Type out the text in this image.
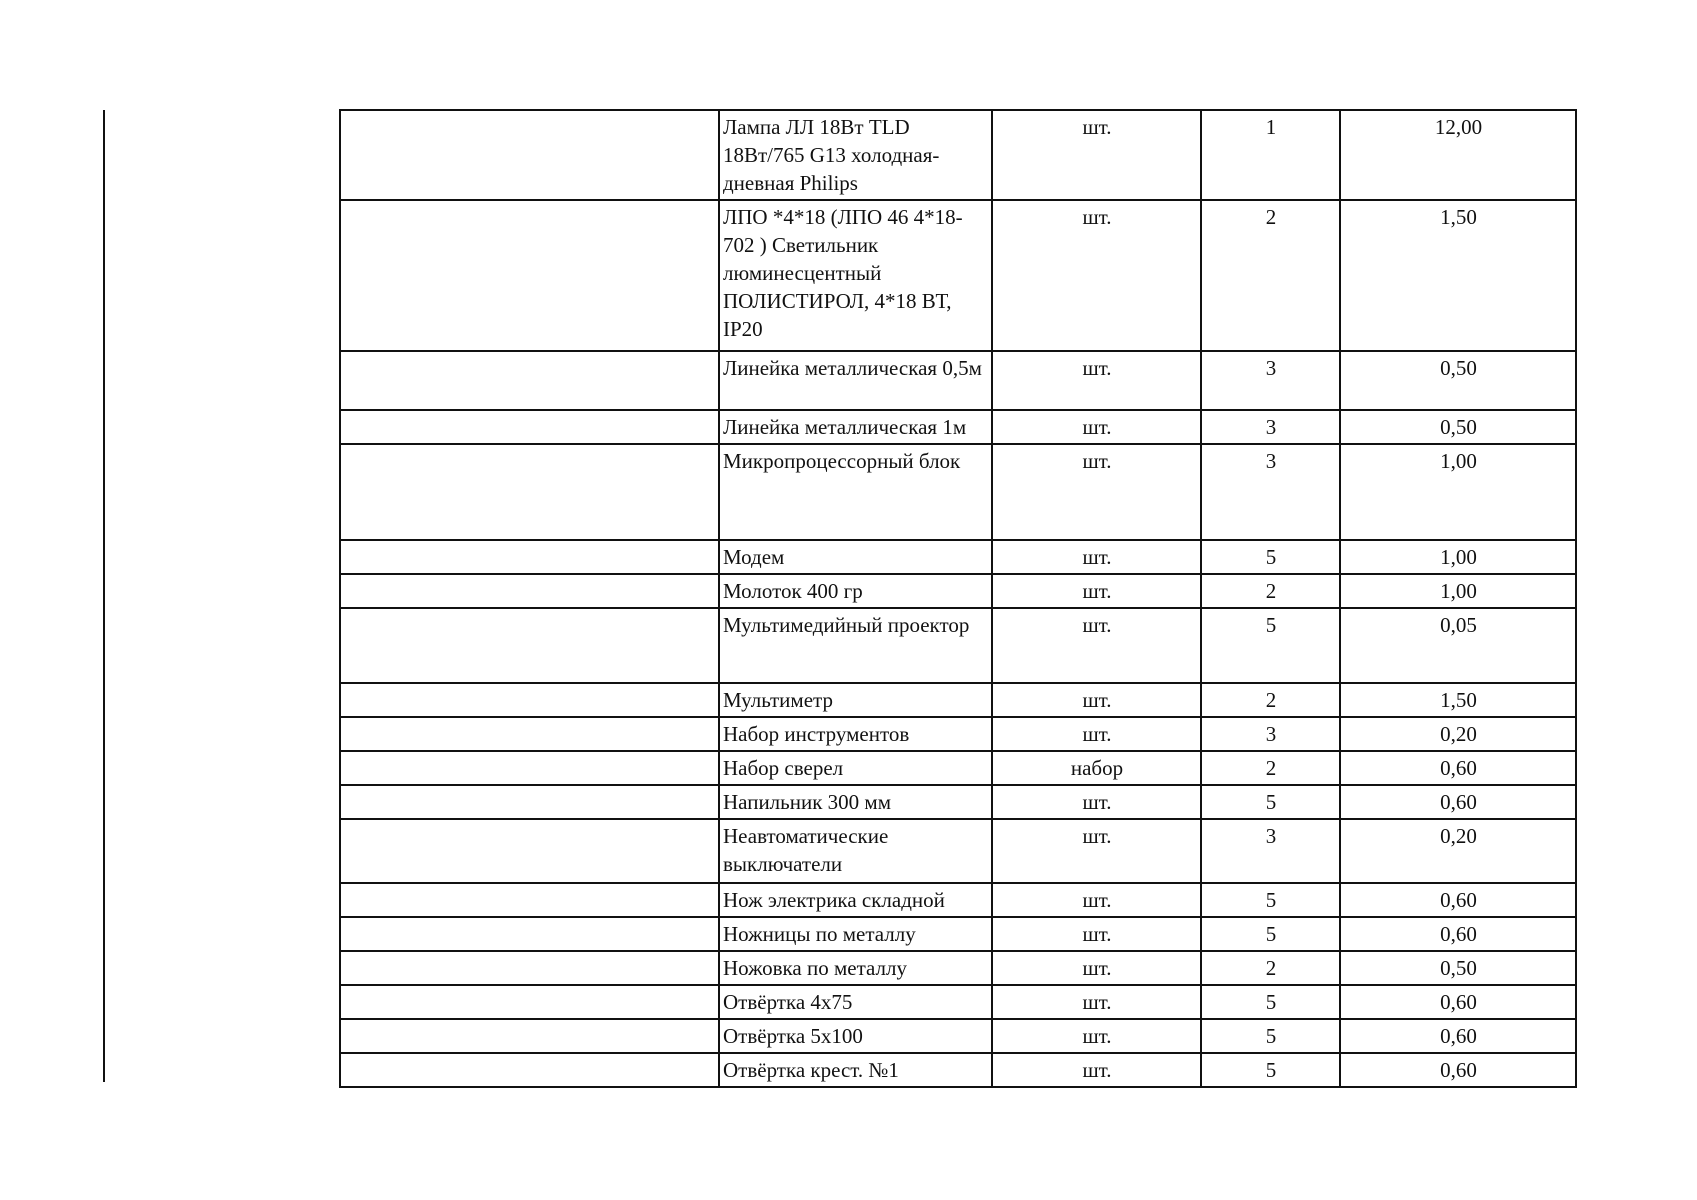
	Лампа ЛЛ 18Вт TLD 18Вт/765 G13 холодная-дневная Philips	шт.	1	12,00
	ЛПО *4*18 (ЛПО 46 4*18-702 ) Светильник люминесцентный ПОЛИСТИРОЛ, 4*18 ВТ, IP20	шт.	2	1,50
	Линейка металлическая 0,5м	шт.	3	0,50
	Линейка металлическая 1м	шт.	3	0,50
	Микропроцессорный блок	шт.	3	1,00
	Модем	шт.	5	1,00
	Молоток 400 гр	шт.	2	1,00
	Мультимедийный проектор	шт.	5	0,05
	Мультиметр	шт.	2	1,50
	Набор инструментов	шт.	3	0,20
	Набор сверел	набор	2	0,60
	Напильник 300 мм	шт.	5	0,60
	Неавтоматические выключатели	шт.	3	0,20
	Нож электрика складной	шт.	5	0,60
	Ножницы по металлу	шт.	5	0,60
	Ножовка по металлу	шт.	2	0,50
	Отвёртка 4x75	шт.	5	0,60
	Отвёртка 5x100	шт.	5	0,60
	Отвёртка крест. №1	шт.	5	0,60
